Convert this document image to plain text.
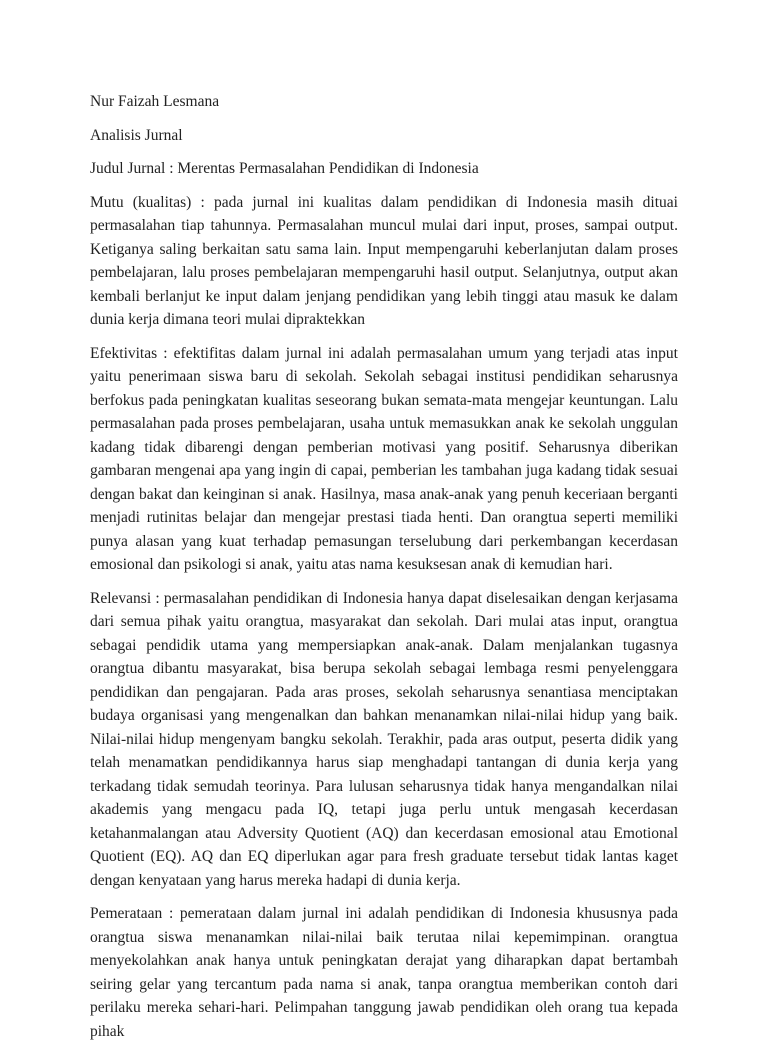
Nur Faizah Lesmana
Analisis Jurnal
Judul Jurnal : Merentas Permasalahan Pendidikan di Indonesia

Mutu (kualitas) : pada jurnal ini kualitas dalam pendidikan di Indonesia masih dituai permasalahan tiap tahunnya. Permasalahan muncul mulai dari input, proses, sampai output. Ketiganya saling berkaitan satu sama lain. Input mempengaruhi keberlanjutan dalam proses pembelajaran, lalu proses pembelajaran mempengaruhi hasil output. Selanjutnya, output akan kembali berlanjut ke input dalam jenjang pendidikan yang lebih tinggi atau masuk ke dalam dunia kerja dimana teori mulai dipraktekkan

Efektivitas : efektifitas dalam jurnal ini adalah permasalahan umum yang terjadi atas input yaitu penerimaan siswa baru di sekolah. Sekolah sebagai institusi pendidikan seharusnya berfokus pada peningkatan kualitas seseorang bukan semata-mata mengejar keuntungan. Lalu permasalahan pada proses pembelajaran, usaha untuk memasukkan anak ke sekolah unggulan kadang tidak dibarengi dengan pemberian motivasi yang positif. Seharusnya diberikan gambaran mengenai apa yang ingin di capai, pemberian les tambahan juga kadang tidak sesuai dengan bakat dan keinginan si anak. Hasilnya, masa anak-anak yang penuh keceriaan berganti menjadi rutinitas belajar dan mengejar prestasi tiada henti. Dan orangtua seperti memiliki punya alasan yang kuat terhadap pemasungan terselubung dari perkembangan kecerdasan emosional dan psikologi si anak, yaitu atas nama kesuksesan anak di kemudian hari.

Relevansi : permasalahan pendidikan di Indonesia hanya dapat diselesaikan dengan kerjasama dari semua pihak yaitu orangtua, masyarakat dan sekolah. Dari mulai atas input, orangtua sebagai pendidik utama yang mempersiapkan anak-anak. Dalam menjalankan tugasnya orangtua dibantu masyarakat, bisa berupa sekolah sebagai lembaga resmi penyelenggara pendidikan dan pengajaran. Pada aras proses, sekolah seharusnya senantiasa menciptakan budaya organisasi yang mengenalkan dan bahkan menanamkan nilai-nilai hidup yang baik. Nilai-nilai hidup mengenyam bangku sekolah. Terakhir, pada aras output, peserta didik yang telah menamatkan pendidikannya harus siap menghadapi tantangan di dunia kerja yang terkadang tidak semudah teorinya. Para lulusan seharusnya tidak hanya mengandalkan nilai akademis yang mengacu pada IQ, tetapi juga perlu untuk mengasah kecerdasan ketahanmalangan atau Adversity Quotient (AQ) dan kecerdasan emosional atau Emotional Quotient (EQ). AQ dan EQ diperlukan agar para fresh graduate tersebut tidak lantas kaget dengan kenyataan yang harus mereka hadapi di dunia kerja.

Pemerataan : pemerataan dalam jurnal ini adalah pendidikan di Indonesia khususnya pada orangtua siswa menanamkan nilai-nilai baik terutaa nilai kepemimpinan. orangtua menyekolahkan anak hanya untuk peningkatan derajat yang diharapkan dapat bertambah seiring gelar yang tercantum pada nama si anak, tanpa orangtua memberikan contoh dari perilaku mereka sehari-hari. Pelimpahan tanggung jawab pendidikan oleh orang tua kepada pihak
